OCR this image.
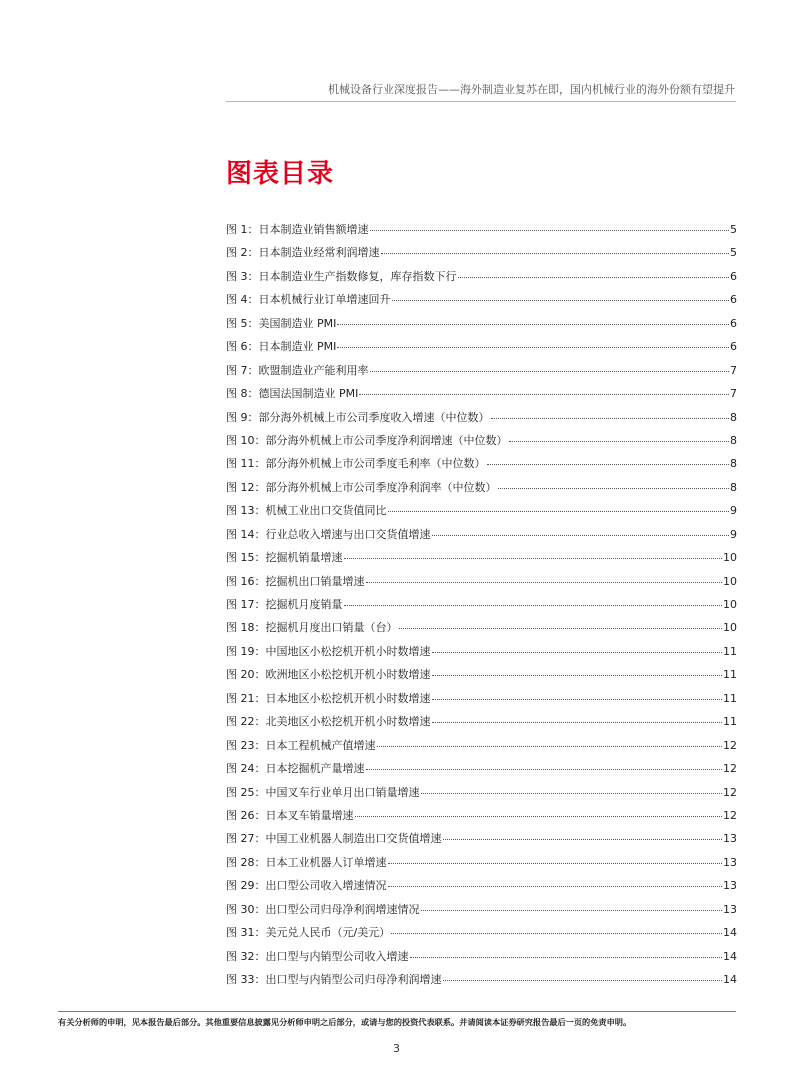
机械设备行业深度报告——海外制造业复苏在即，国内机械行业的海外份额有望提升
图表目录
图 1：日本制造业销售额增速	5
图 2：日本制造业经常利润增速	5
图 3：日本制造业生产指数修复，库存指数下行	6
图 4：日本机械行业订单增速回升	6
图 5：美国制造业 PMI	6
图 6：日本制造业 PMI	6
图 7：欧盟制造业产能利用率	7
图 8：德国法国制造业 PMI	7
图 9：部分海外机械上市公司季度收入增速（中位数）	8
图 10：部分海外机械上市公司季度净利润增速（中位数）	8
图 11：部分海外机械上市公司季度毛利率（中位数）	8
图 12：部分海外机械上市公司季度净利润率（中位数）	8
图 13：机械工业出口交货值同比	9
图 14：行业总收入增速与出口交货值增速	9
图 15：挖掘机销量增速	10
图 16：挖掘机出口销量增速	10
图 17：挖掘机月度销量	10
图 18：挖掘机月度出口销量（台）	10
图 19：中国地区小松挖机开机小时数增速	11
图 20：欧洲地区小松挖机开机小时数增速	11
图 21：日本地区小松挖机开机小时数增速	11
图 22：北美地区小松挖机开机小时数增速	11
图 23：日本工程机械产值增速	12
图 24：日本挖掘机产量增速	12
图 25：中国叉车行业单月出口销量增速	12
图 26：日本叉车销量增速	12
图 27：中国工业机器人制造出口交货值增速	13
图 28：日本工业机器人订单增速	13
图 29：出口型公司收入增速情况	13
图 30：出口型公司归母净利润增速情况	13
图 31：美元兑人民币（元/美元）	14
图 32：出口型与内销型公司收入增速	14
图 33：出口型与内销型公司归母净利润增速	14
有关分析师的申明，见本报告最后部分。其他重要信息披露见分析师申明之后部分，或请与您的投资代表联系。并请阅读本证券研究报告最后一页的免责申明。
3
